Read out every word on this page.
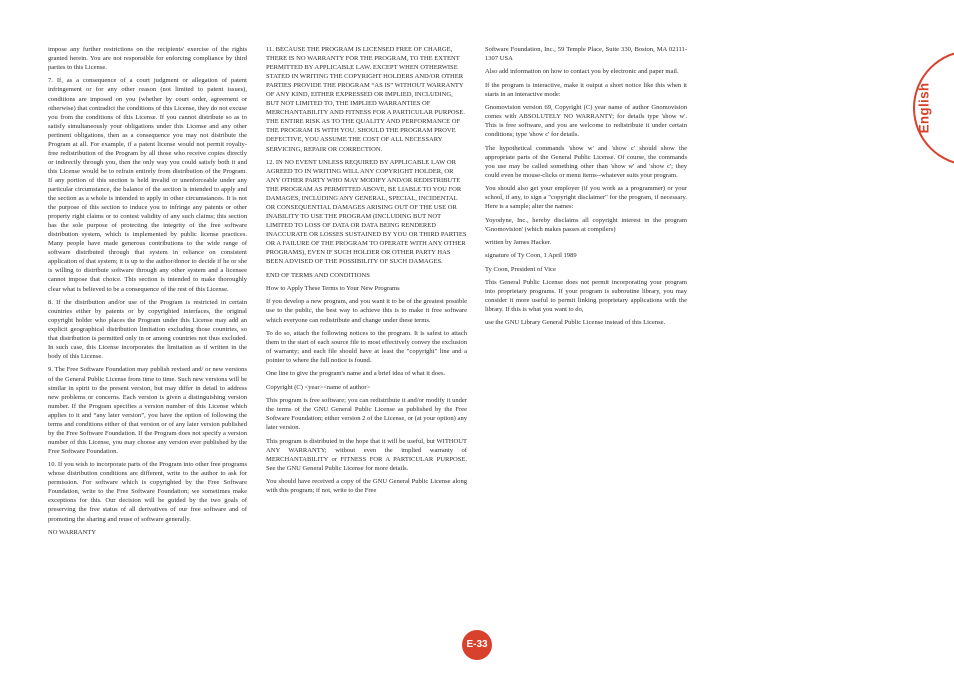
impose any further restrictions on the recipients' exercise of the rights granted herein. You are not responsible for enforcing compliance by third parties to this License.

7. If, as a consequence of a court judgment or allegation of patent infringement or for any other reason (not limited to patent issues), conditions are imposed on you (whether by court order, agreement or otherwise) that contradict the conditions of this License, they do not excuse you from the conditions of this License. If you cannot distribute so as to satisfy simultaneously your obligations under this License and any other pertinent obligations, then as a consequence you may not distribute the Program at all. For example, if a patent license would not permit royalty-free redistribution of the Program by all those who receive copies directly or indirectly through you, then the only way you could satisfy both it and this License would be to refrain entirely from distribution of the Program. If any portion of this section is held invalid or unenforceable under any particular circumstance, the balance of the section is intended to apply and the section as a whole is intended to apply in other circumstances. It is not the purpose of this section to induce you to infringe any patents or other property right claims or to contest validity of any such claims; this section has the sole purpose of protecting the integrity of the free software distribution system, which is implemented by public license practices. Many people have made generous contributions to the wide range of software distributed through that system in reliance on consistent application of that system; it is up to the author/donor to decide if he or she is willing to distribute software through any other system and a licensee cannot impose that choice. This section is intended to make thoroughly clear what is believed to be a consequence of the rest of this License.

8. If the distribution and/or use of the Program is restricted in certain countries either by patents or by copyrighted interfaces, the original copyright holder who places the Program under this License may add an explicit geographical distribution limitation excluding those countries, so that distribution is permitted only in or among countries not thus excluded. In such case, this License incorporates the limitation as if written in the body of this License.

9. The Free Software Foundation may publish revised and/ or new versions of the General Public License from time to time. Such new versions will be similar in spirit to the present version, but may differ in detail to address new problems or concerns. Each version is given a distinguishing version number. If the Program specifies a version number of this License which applies to it and “any later version”, you have the option of following the terms and conditions either of that version or of any later version published by the Free Software Foundation. If the Program does not specify a version number of this License, you may choose any version ever published by the Free Software Foundation.

10. If you wish to incorporate parts of the Program into other free programs whose distribution conditions are different, write to the author to ask for permission. For software which is copyrighted by the Free Software Foundation, write to the Free Software Foundation; we sometimes make exceptions for this. Our decision will be guided by the two goals of preserving the free status of all derivatives of our free software and of promoting the sharing and reuse of software generally.

NO WARRANTY

11. BECAUSE THE PROGRAM IS LICENSED FREE OF CHARGE, THERE IS NO WARRANTY FOR THE PROGRAM, TO THE EXTENT PERMITTED BY APPLICABLE LAW. EXCEPT WHEN OTHERWISE STATED IN WRITING THE COPYRIGHT HOLDERS AND/OR OTHER PARTIES PROVIDE THE PROGRAM “AS IS” WITHOUT WARRANTY OF ANY KIND, EITHER EXPRESSED OR IMPLIED, INCLUDING, BUT NOT LIMITED TO, THE IMPLIED WARRANTIES OF MERCHANTABILITY AND FITNESS FOR A PARTICULAR PURPOSE. THE ENTIRE RISK AS TO THE QUALITY AND PERFORMANCE OF THE PROGRAM IS WITH YOU. SHOULD THE PROGRAM PROVE DEFECTIVE, YOU ASSUME THE COST OF ALL NECESSARY SERVICING, REPAIR OR CORRECTION.

12. IN NO EVENT UNLESS REQUIRED BY APPLICABLE LAW OR AGREED TO IN WRITING WILL ANY COPYRIGHT HOLDER, OR ANY OTHER PARTY WHO MAY MODIFY AND/OR REDISTRIBUTE THE PROGRAM AS PERMITTED ABOVE, BE LIABLE TO YOU FOR DAMAGES, INCLUDING ANY GENERAL, SPECIAL, INCIDENTAL OR CONSEQUENTIAL DAMAGES ARISING OUT OF THE USE OR INABILITY TO USE THE PROGRAM (INCLUDING BUT NOT LIMITED TO LOSS OF DATA OR DATA BEING RENDERED INACCURATE OR LOSSES SUSTAINED BY YOU OR THIRD PARTIES OR A FAILURE OF THE PROGRAM TO OPERATE WITH ANY OTHER PROGRAMS), EVEN IF SUCH HOLDER OR OTHER PARTY HAS BEEN ADVISED OF THE POSSIBILITY OF SUCH DAMAGES.

END OF TERMS AND CONDITIONS

How to Apply These Terms to Your New Programs

If you develop a new program, and you want it to be of the greatest possible use to the public, the best way to achieve this is to make it free software which everyone can redistribute and change under these terms.

To do so, attach the following notices to the program. It is safest to attach them to the start of each source file to most effectively convey the exclusion of warranty; and each file should have at least the "copyright" line and a pointer to where the full notice is found.

One line to give the program's name and a brief idea of what it does.

Copyright (C) <year><name of author>

This program is free software; you can redistribute it and/or modify it under the terms of the GNU General Public License as published by the Free Software Foundation; either version 2 of the License, or (at your option) any later version.

This program is distributed in the hope that it will be useful, but WITHOUT ANY WARRANTY; without even the implied warranty of MERCHANTABILITY or FITNESS FOR A PARTICULAR PURPOSE. See the GNU General Public License for more details.

You should have received a copy of the GNU General Public License along with this program; if not, write to the Free

Software Foundation, Inc., 59 Temple Place, Suite 330, Boston, MA 02111-1307 USA

Also add information on how to contact you by electronic and paper mail.

If the program is interactive, make it output a short notice like this when it starts in an interactive mode:

Gnomovision version 69, Copyright (C) year name of author Gnomovision comes with ABSOLUTELY NO WARRANTY; for details type 'show w'. This is free software, and you are welcome to redistribute it under certain conditions; type 'show c' for details.

The hypothetical commands 'show w' and 'show c' should show the appropriate parts of the General Public License. Of course, the commands you use may be called something other than 'show w' and 'show c'; they could even be mouse-clicks or menu items--whatever suits your program.

You should also get your employer (if you work as a programmer) or your school, if any, to sign a "copyright disclaimer" for the program, if necessary. Here is a sample; alter the names:

Yoyodyne, Inc., hereby disclaims all copyright interest in the program 'Gnomovision' (which makes passes at compilers)

written by James Hacker.

signature of Ty Coon, 1 April 1989

Ty Coon, President of Vice

This General Public License does not permit incorporating your program into proprietary programs. If your program is subroutine library, you may consider it more useful to permit linking proprietary applications with the library. If this is what you want to do,

use the GNU Library General Public License instead of this License.

English
E-33
